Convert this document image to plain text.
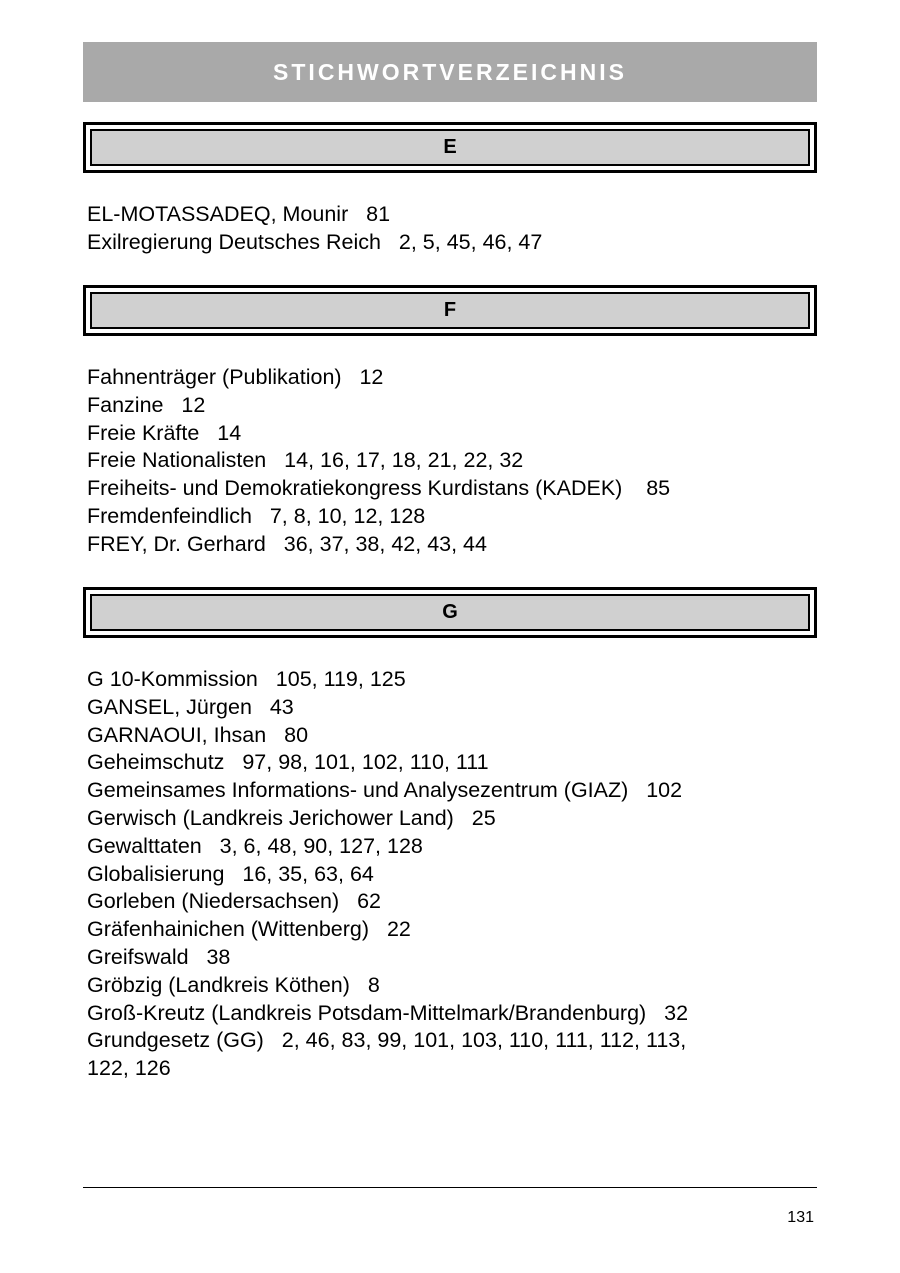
STICHWORTVERZEICHNIS
E
EL-MOTASSADEQ, Mounir   81
Exilregierung Deutsches Reich   2, 5, 45, 46, 47
F
Fahnenträger (Publikation)   12
Fanzine   12
Freie Kräfte   14
Freie Nationalisten   14, 16, 17, 18, 21, 22, 32
Freiheits- und Demokratiekongress Kurdistans (KADEK)    85
Fremdenfeindlich   7, 8, 10, 12, 128
FREY, Dr. Gerhard   36, 37, 38, 42, 43, 44
G
G 10-Kommission   105, 119, 125
GANSEL, Jürgen   43
GARNAOUI, Ihsan   80
Geheimschutz   97, 98, 101, 102, 110, 111
Gemeinsames Informations- und Analysezentrum (GIAZ)   102
Gerwisch (Landkreis Jerichower Land)   25
Gewalttaten   3, 6, 48, 90, 127, 128
Globalisierung   16, 35, 63, 64
Gorleben (Niedersachsen)   62
Gräfenhainichen (Wittenberg)   22
Greifswald   38
Gröbzig (Landkreis Köthen)   8
Groß-Kreutz (Landkreis Potsdam-Mittelmark/Brandenburg)   32
Grundgesetz (GG)   2, 46, 83, 99, 101, 103, 110, 111, 112, 113,
122, 126
131
